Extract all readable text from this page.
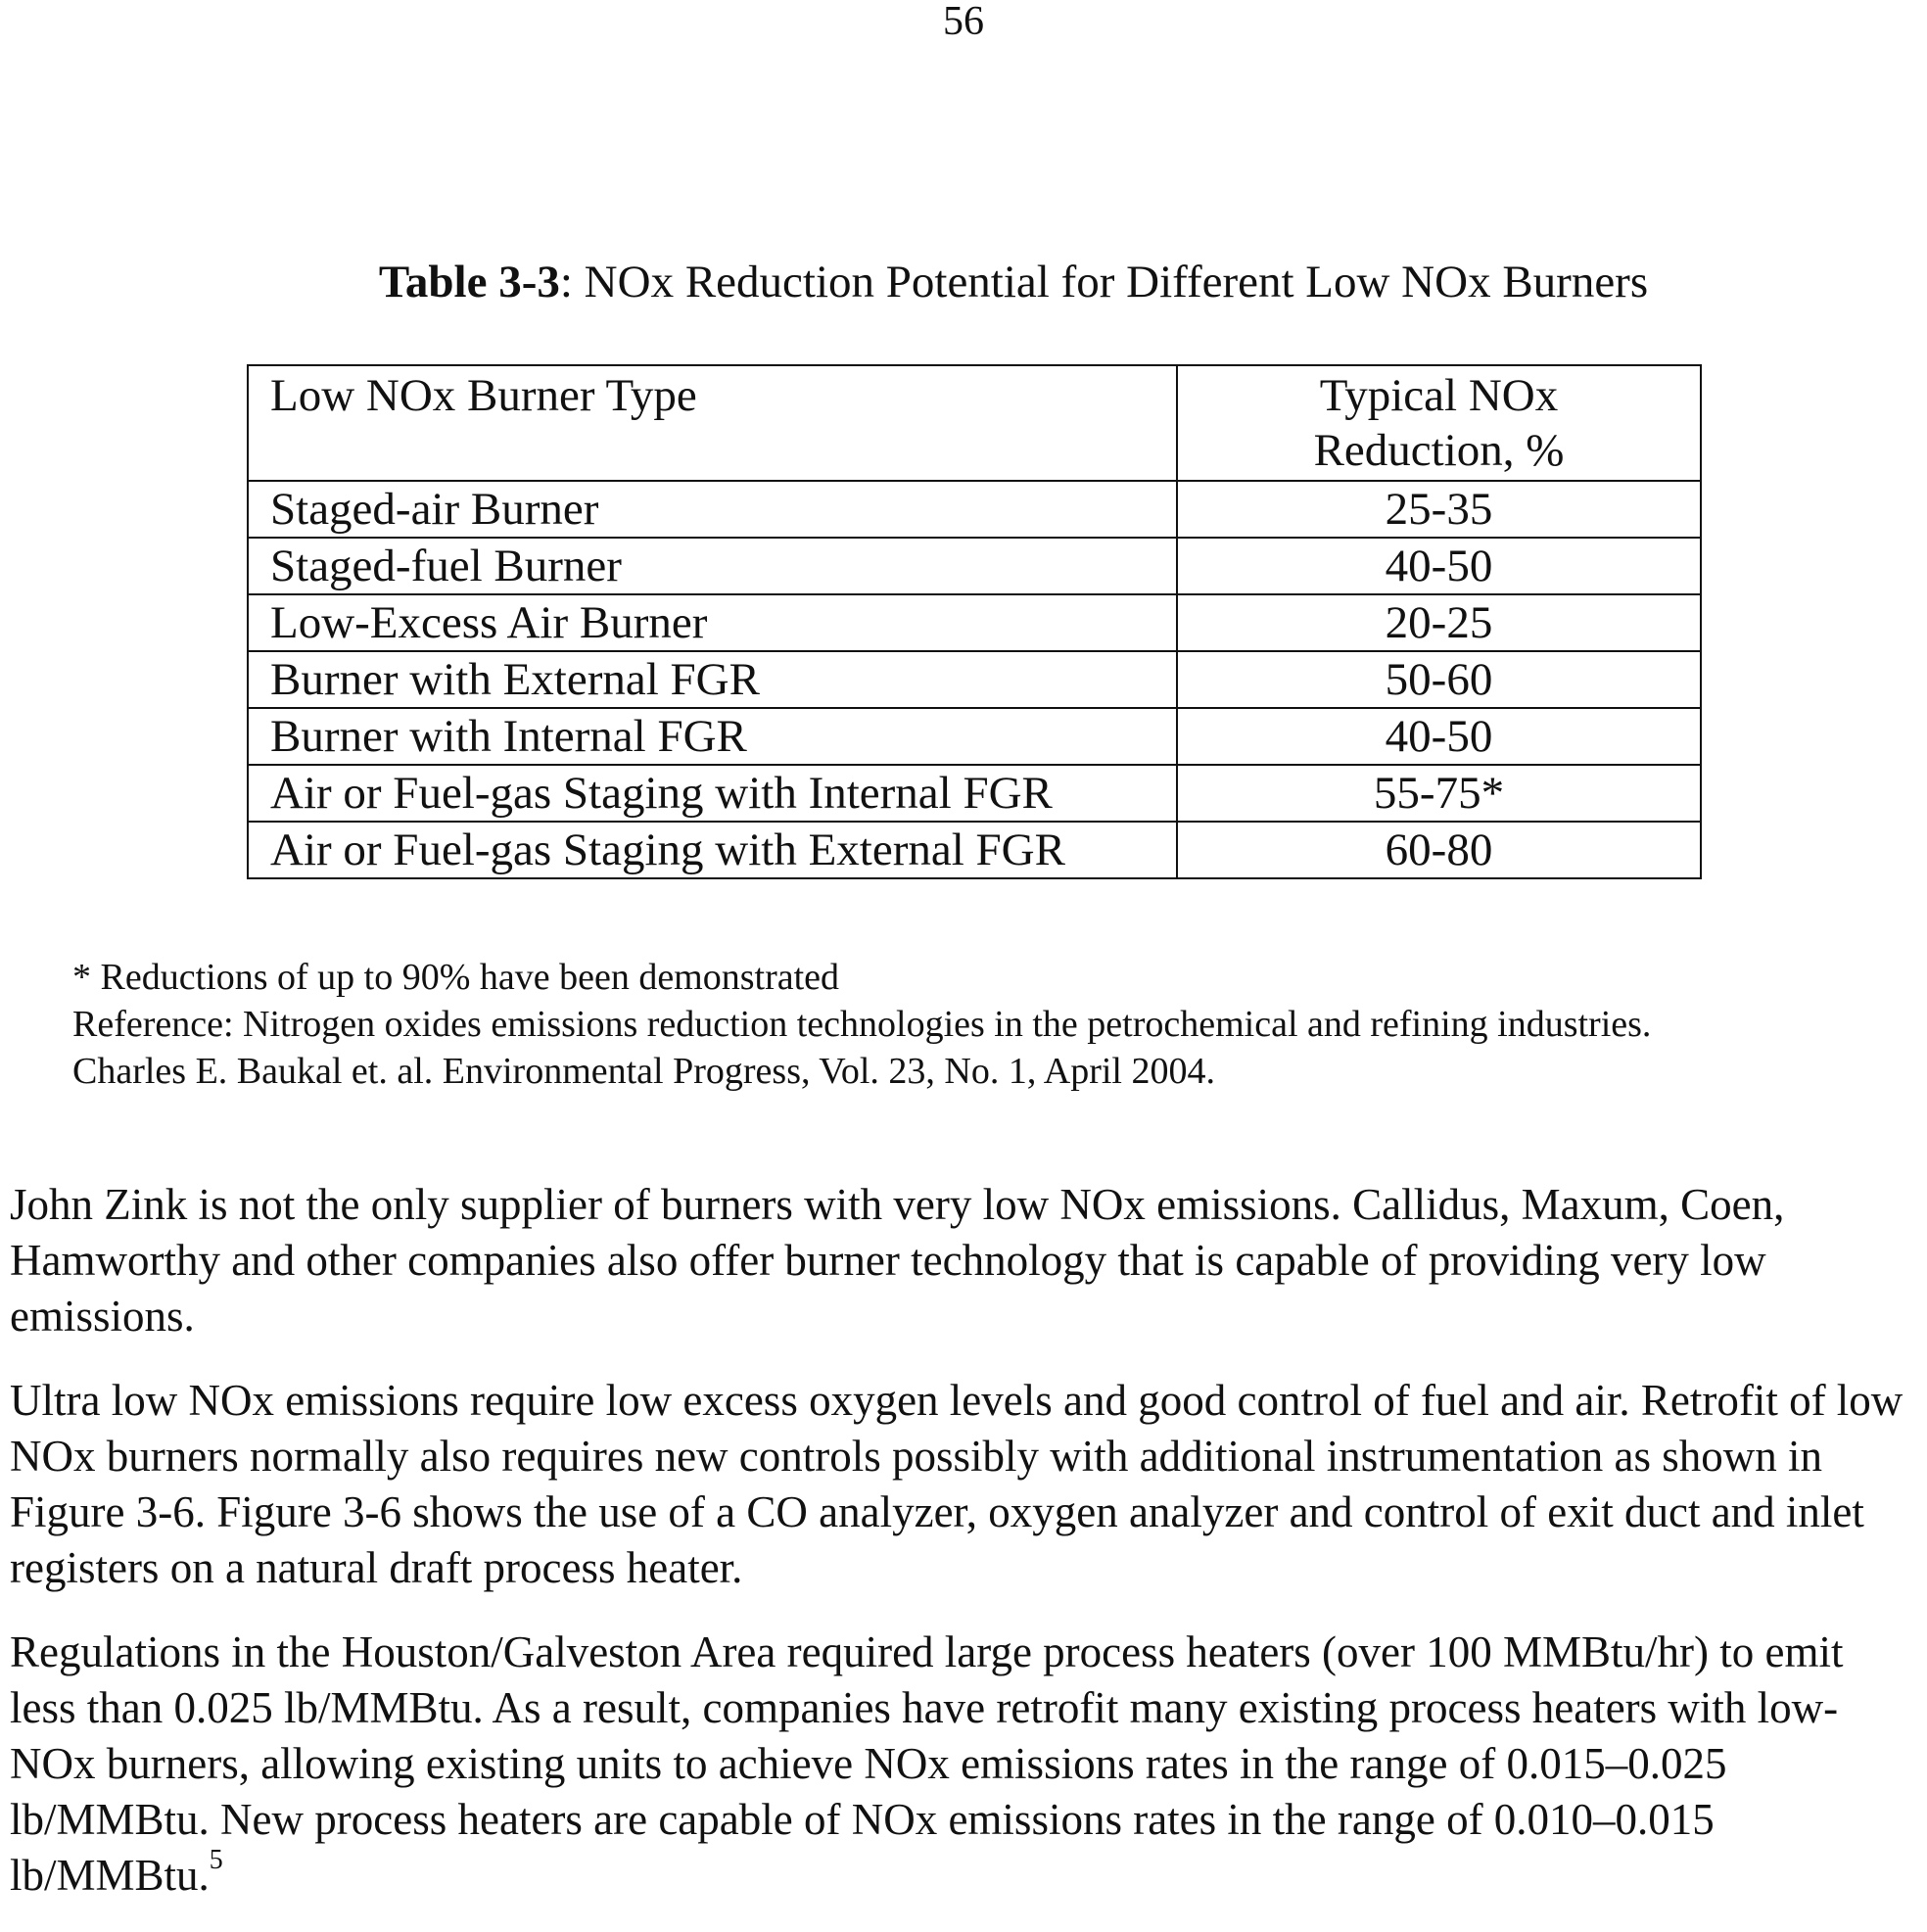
56
Table 3-3: NOx Reduction Potential for Different Low NOx Burners
Low NOx Burner Type	Typical NOx
Reduction, %

Staged-air Burner	25-35
Staged-fuel Burner	40-50
Low-Excess Air Burner	20-25
Burner with External FGR	50-60
Burner with Internal FGR	40-50
Air or Fuel-gas Staging with Internal FGR	55-75*
Air or Fuel-gas Staging with External FGR	60-80
* Reductions of up to 90% have been demonstrated
Reference: Nitrogen oxides emissions reduction technologies in the petrochemical and refining industries.
Charles E. Baukal et. al. Environmental Progress, Vol. 23, No. 1, April 2004.

John Zink is not the only supplier of burners with very low NOx emissions. Callidus, Maxum, Coen, Hamworthy and other companies also offer burner technology that is capable of providing very low emissions.

Ultra low NOx emissions require low excess oxygen levels and good control of fuel and air. Retrofit of low NOx burners normally also requires new controls possibly with additional instrumentation as shown in Figure 3-6. Figure 3-6 shows the use of a CO analyzer, oxygen analyzer and control of exit duct and inlet registers on a natural draft process heater.

Regulations in the Houston/Galveston Area required large process heaters (over 100 MMBtu/hr) to emit less than 0.025 lb/MMBtu. As a result, companies have retrofit many existing process heaters with low-NOx burners, allowing existing units to achieve NOx emissions rates in the range of 0.015–0.025 lb/MMBtu. New process heaters are capable of NOx emissions rates in the range of 0.010–0.015 lb/MMBtu.$^5$
